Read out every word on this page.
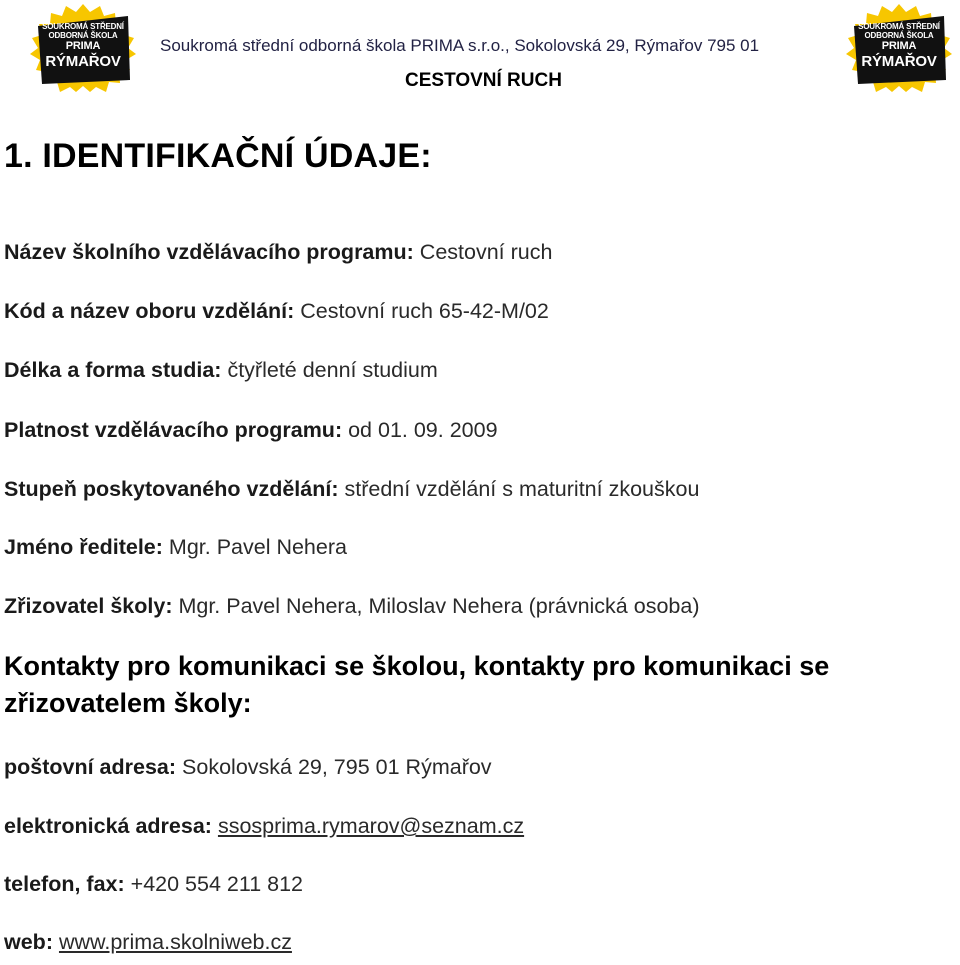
SOUKROMÁ STŘEDNÍ
ODBORNÁ ŠKOLA
PRIMA
RÝMAŘOV
SOUKROMÁ STŘEDNÍ
ODBORNÁ ŠKOLA
PRIMA
RÝMAŘOV
Soukromá střední odborná škola PRIMA s.r.o., Sokolovská 29, Rýmařov 795 01
CESTOVNÍ RUCH
1. IDENTIFIKAČNÍ ÚDAJE:
Název školního vzdělávacího programu: Cestovní ruch
Kód a název oboru vzdělání: Cestovní ruch 65-42-M/02
Délka a forma studia: čtyřleté denní studium
Platnost vzdělávacího programu: od 01. 09. 2009
Stupeň poskytovaného vzdělání: střední vzdělání s maturitní zkouškou
Jméno ředitele: Mgr. Pavel Nehera
Zřizovatel školy: Mgr. Pavel Nehera, Miloslav Nehera (právnická osoba)
Kontakty pro komunikaci se školou, kontakty pro komunikaci se zřizovatelem školy:
poštovní adresa: Sokolovská 29, 795 01 Rýmařov
elektronická adresa: ssosprima.rymarov@seznam.cz
telefon, fax: +420 554 211 812
web: www.prima.skolniweb.cz
